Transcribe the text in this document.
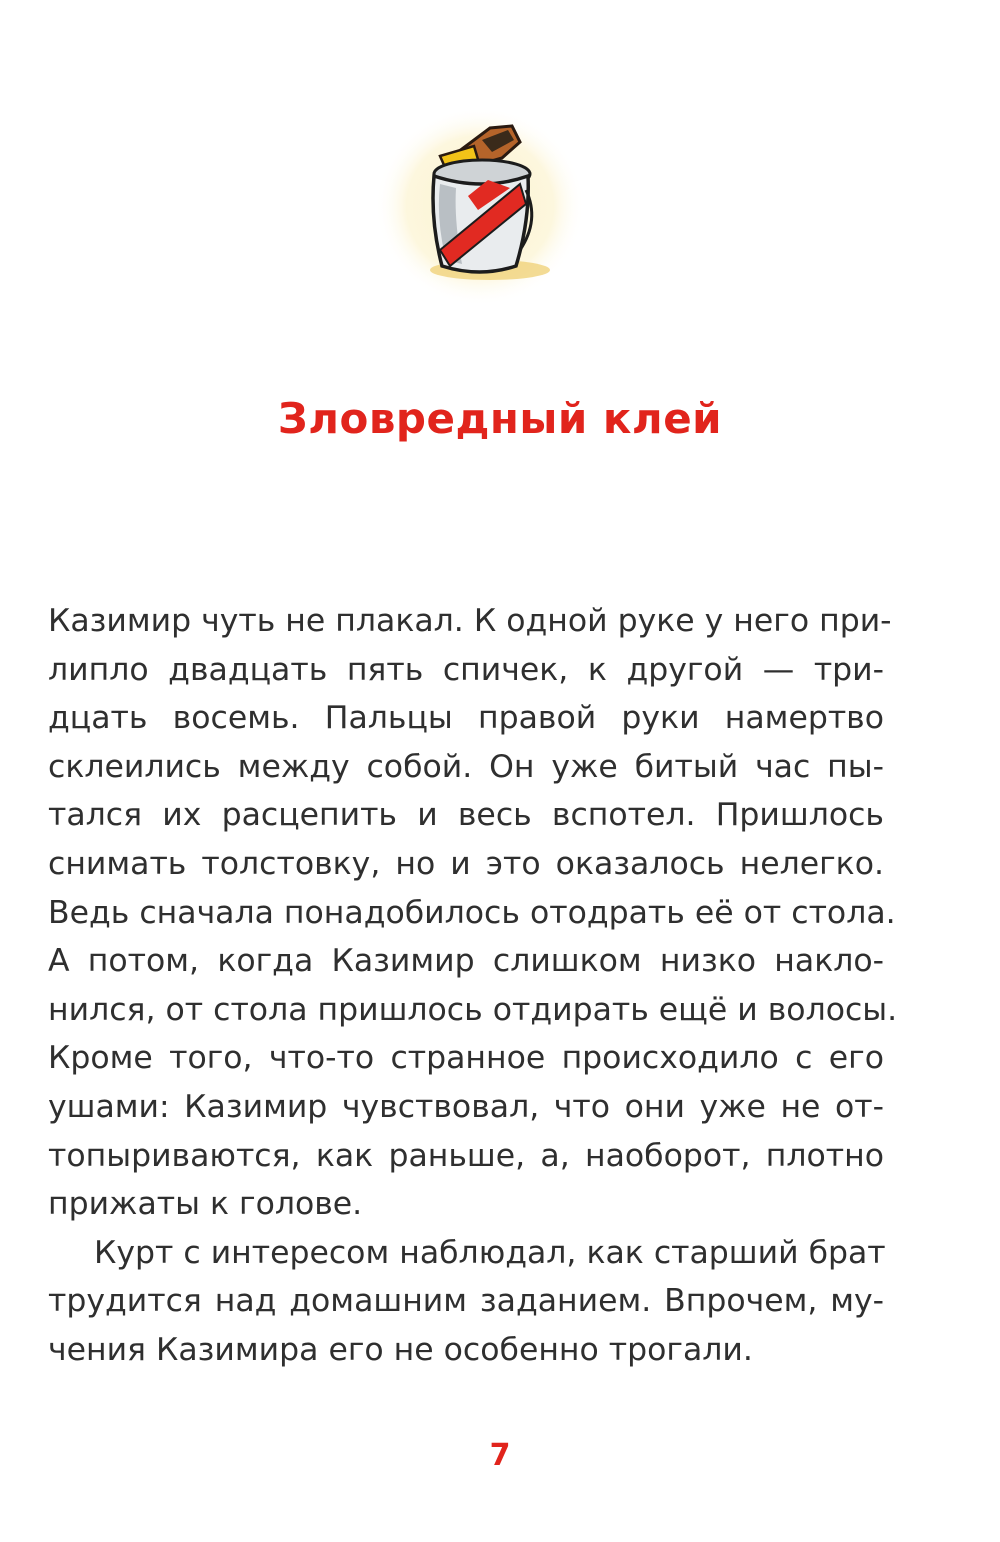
Зловредный клей
Казимир чуть не плакал. К одной руке у него при-
липло двадцать пять спичек, к другой — три-
дцать восемь. Пальцы правой руки намертво
склеились между собой. Он уже битый час пы-
тался их расцепить и весь вспотел. Пришлось
снимать толстовку, но и это оказалось нелегко.
Ведь сначала понадобилось отодрать её от стола.
А потом, когда Казимир слишком низко накло-
нился, от стола пришлось отдирать ещё и волосы.
Кроме того, что-то странное происходило с его
ушами: Казимир чувствовал, что они уже не от-
топыриваются, как раньше, а, наоборот, плотно
прижаты к голове.
Курт с интересом наблюдал, как старший брат
трудится над домашним заданием. Впрочем, му-
чения Казимира его не особенно трогали.
7
